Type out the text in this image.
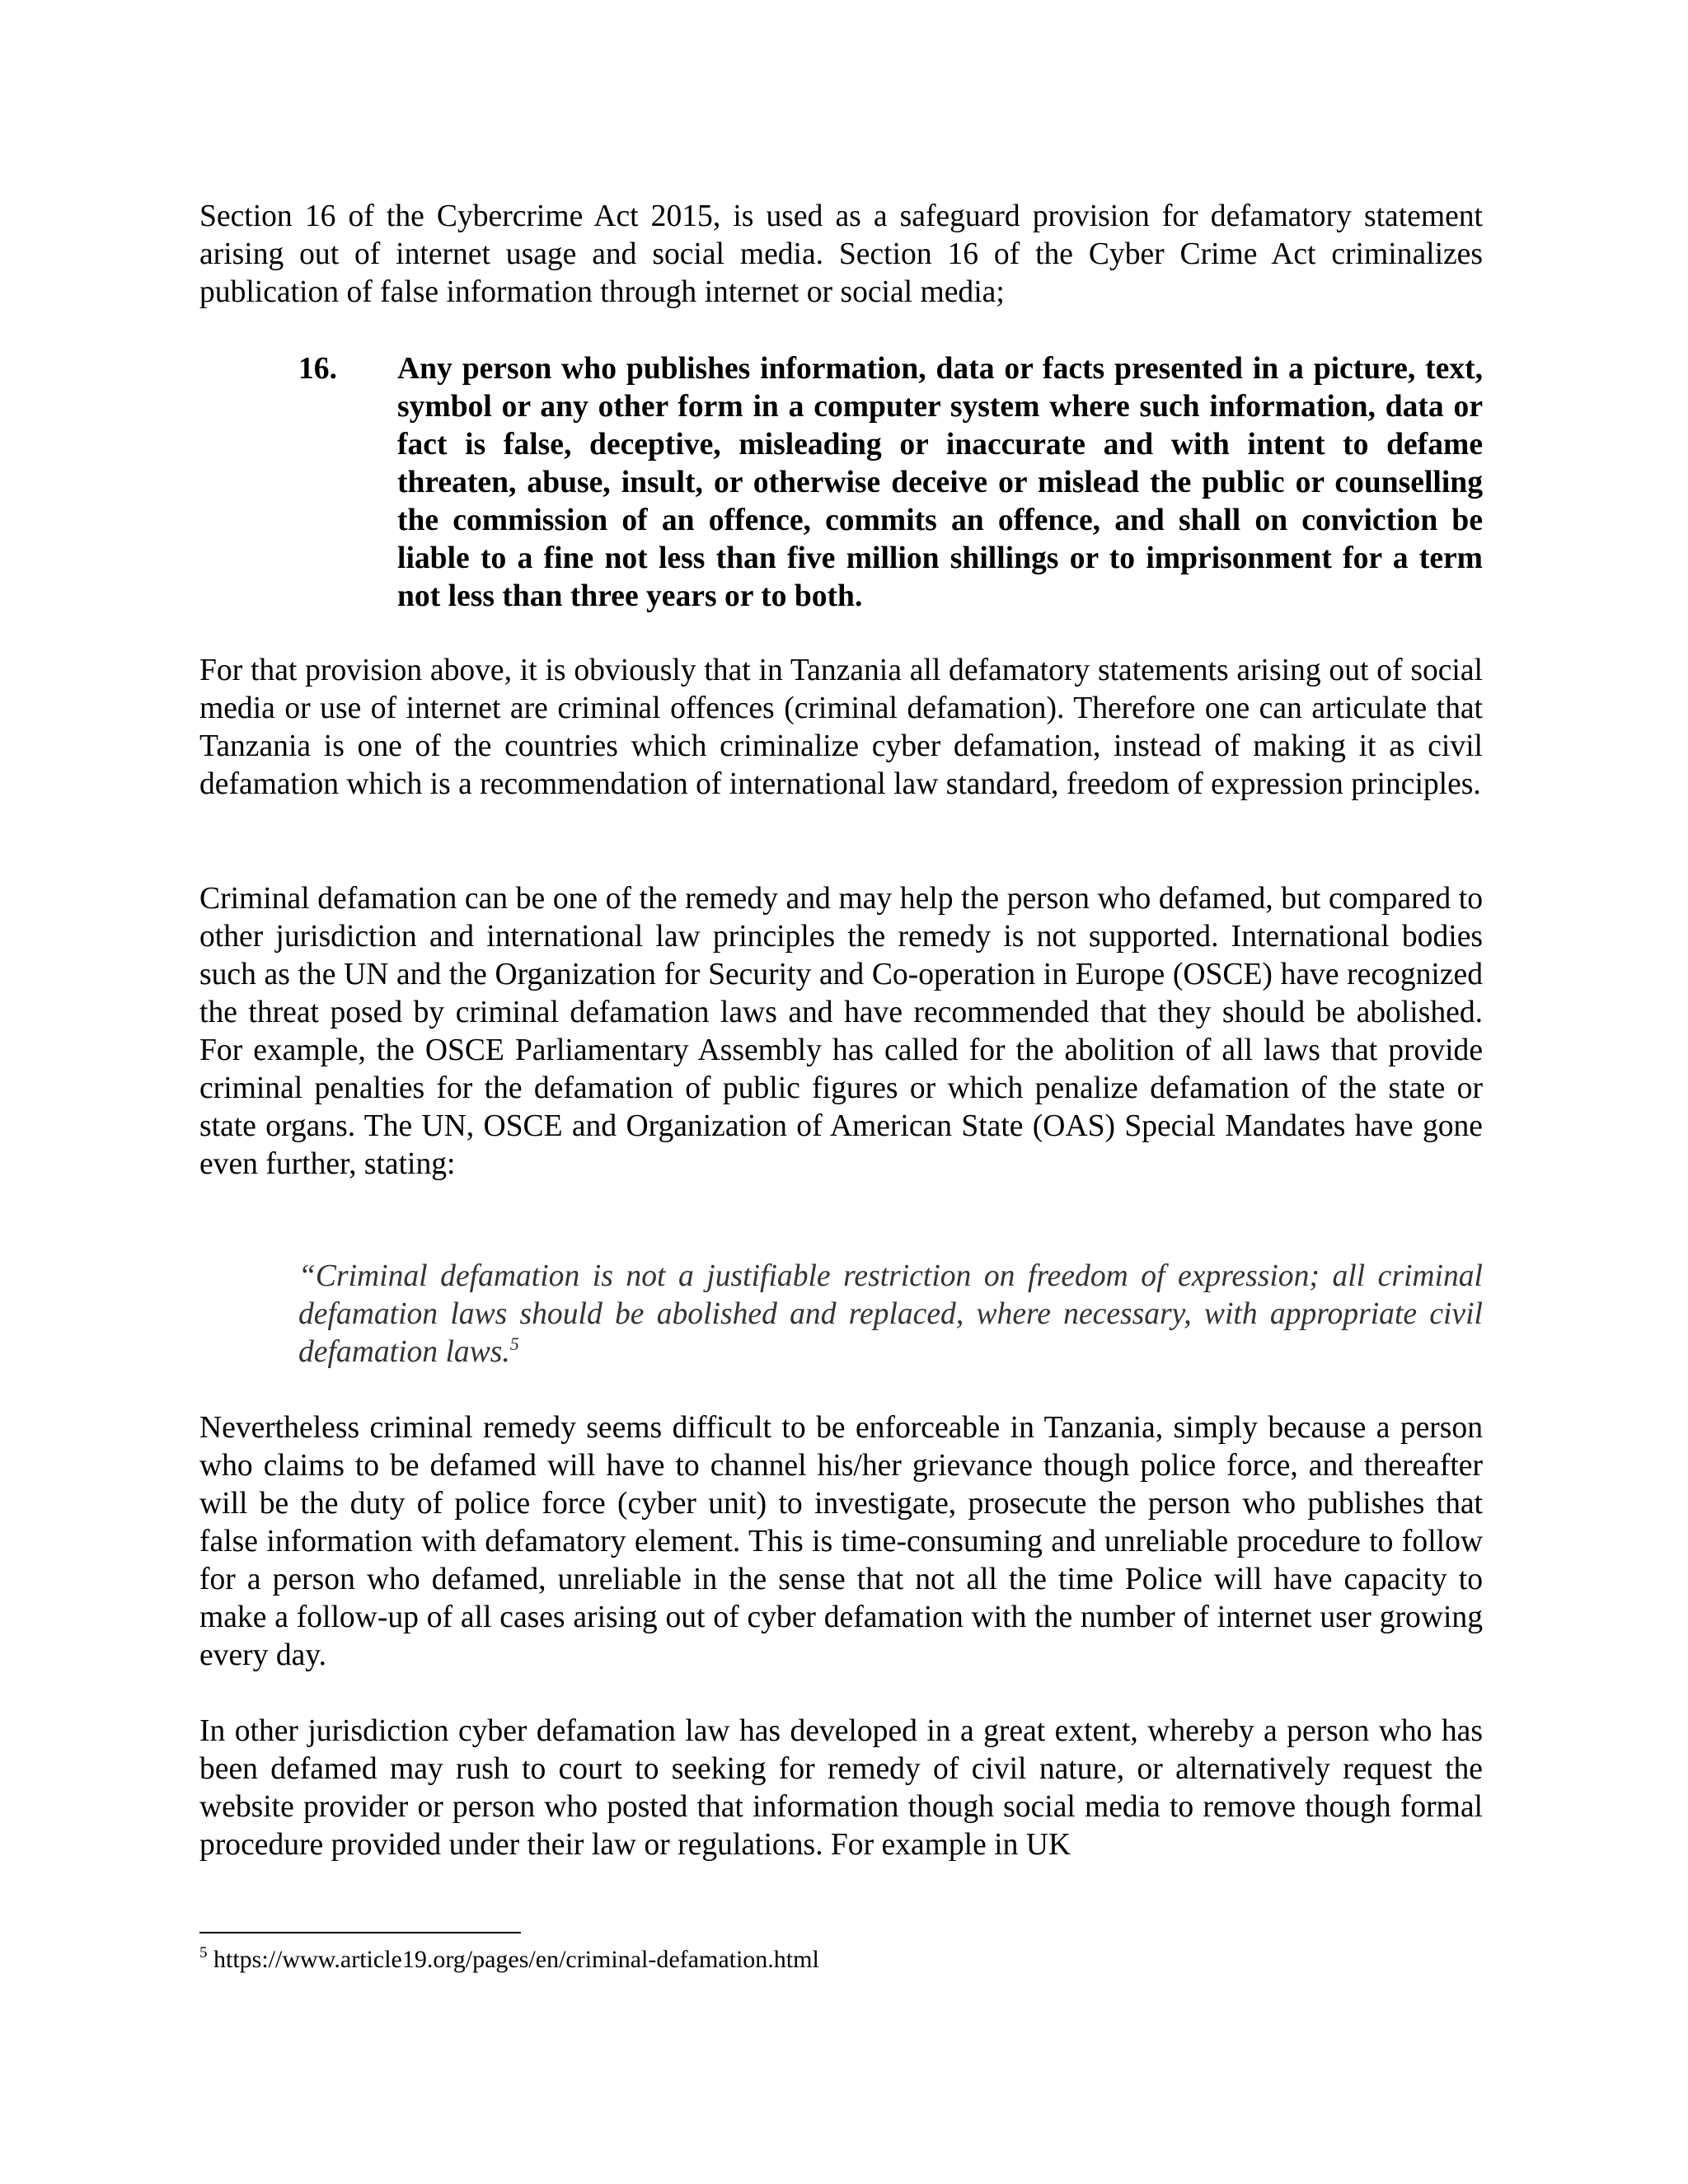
Section 16 of the Cybercrime Act 2015, is used as a safeguard provision for defamatory statement arising out of internet usage and social media. Section 16 of the Cyber Crime Act criminalizes publication of false information through internet or social media;

16. Any person who publishes information, data or facts presented in a picture, text, symbol or any other form in a computer system where such information, data or fact is false, deceptive, misleading or inaccurate and with intent to defame threaten, abuse, insult, or otherwise deceive or mislead the public or counselling the commission of an offence, commits an offence, and shall on conviction be liable to a fine not less than five million shillings or to imprisonment for a term not less than three years or to both.

For that provision above, it is obviously that in Tanzania all defamatory statements arising out of social media or use of internet are criminal offences (criminal defamation). Therefore one can articulate that Tanzania is one of the countries which criminalize cyber defamation, instead of making it as civil defamation which is a recommendation of international law standard, freedom of expression principles.

Criminal defamation can be one of the remedy and may help the person who defamed, but compared to other jurisdiction and international law principles the remedy is not supported. International bodies such as the UN and the Organization for Security and Co-operation in Europe (OSCE) have recognized the threat posed by criminal defamation laws and have recommended that they should be abolished. For example, the OSCE Parliamentary Assembly has called for the abolition of all laws that provide criminal penalties for the defamation of public figures or which penalize defamation of the state or state organs. The UN, OSCE and Organization of American State (OAS) Special Mandates have gone even further, stating:

“Criminal defamation is not a justifiable restriction on freedom of expression; all criminal defamation laws should be abolished and replaced, where necessary, with appropriate civil defamation laws.$^5$

Nevertheless criminal remedy seems difficult to be enforceable in Tanzania, simply because a person who claims to be defamed will have to channel his/her grievance though police force, and thereafter will be the duty of police force (cyber unit) to investigate, prosecute the person who publishes that false information with defamatory element. This is time-consuming and unreliable procedure to follow for a person who defamed, unreliable in the sense that not all the time Police will have capacity to make a follow-up of all cases arising out of cyber defamation with the number of internet user growing every day.

In other jurisdiction cyber defamation law has developed in a great extent, whereby a person who has been defamed may rush to court to seeking for remedy of civil nature, or alternatively request the website provider or person who posted that information though social media to remove though formal procedure provided under their law or regulations. For example in UK

$^5$ https://www.article19.org/pages/en/criminal-defamation.html
